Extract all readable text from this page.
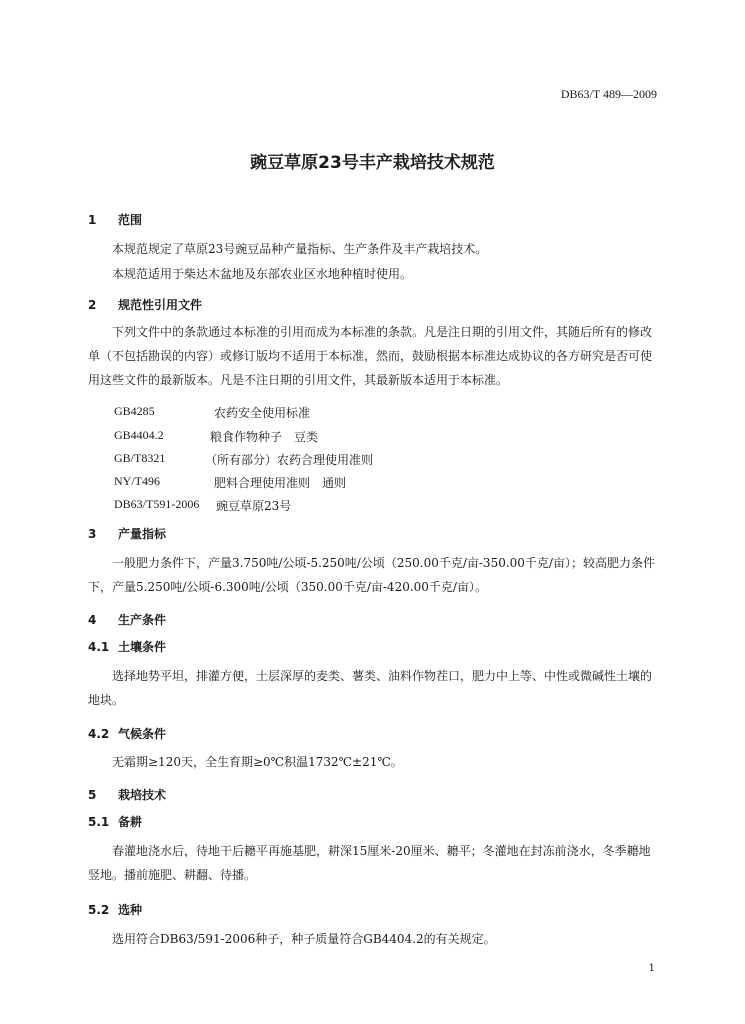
DB63/T 489—2009
豌豆草原23号丰产栽培技术规范
1 范围
本规范规定了草原23号豌豆品种产量指标、生产条件及丰产栽培技术。
本规范适用于柴达木盆地及东部农业区水地种植时使用。
2 规范性引用文件
下列文件中的条款通过本标准的引用而成为本标准的条款。凡是注日期的引用文件，其随后所有的修改单（不包括勘误的内容）或修订版均不适用于本标准，然而，鼓励根据本标准达成协议的各方研究是否可使用这些文件的最新版本。凡是不注日期的引用文件，其最新版本适用于本标准。
GB4285	农药安全使用标准
GB4404.2	粮食作物种子　豆类
GB/T8321	（所有部分）农药合理使用准则
NY/T496	肥料合理使用准则　通则
DB63/T591-2006 豌豆草原23号
3 产量指标
一般肥力条件下，产量3.750吨/公顷-5.250吨/公顷（250.00千克/亩-350.00千克/亩）；较高肥力条件下，产量5.250吨/公顷-6.300吨/公顷（350.00千克/亩-420.00千克/亩）。
4 生产条件
4.1 土壤条件
选择地势平坦，排灌方便，土层深厚的麦类、薯类、油料作物茬口，肥力中上等、中性或微碱性土壤的地块。
4.2 气候条件
无霜期≥120天，全生育期≥0℃积温1732℃±21℃。
5 栽培技术
5.1 备耕
春灌地浇水后，待地干后耱平再施基肥，耕深15厘米-20厘米、耱平；冬灌地在封冻前浇水，冬季耱地竖地。播前施肥、耕翻、待播。
5.2 选种
选用符合DB63/591-2006种子，种子质量符合GB4404.2的有关规定。
1
